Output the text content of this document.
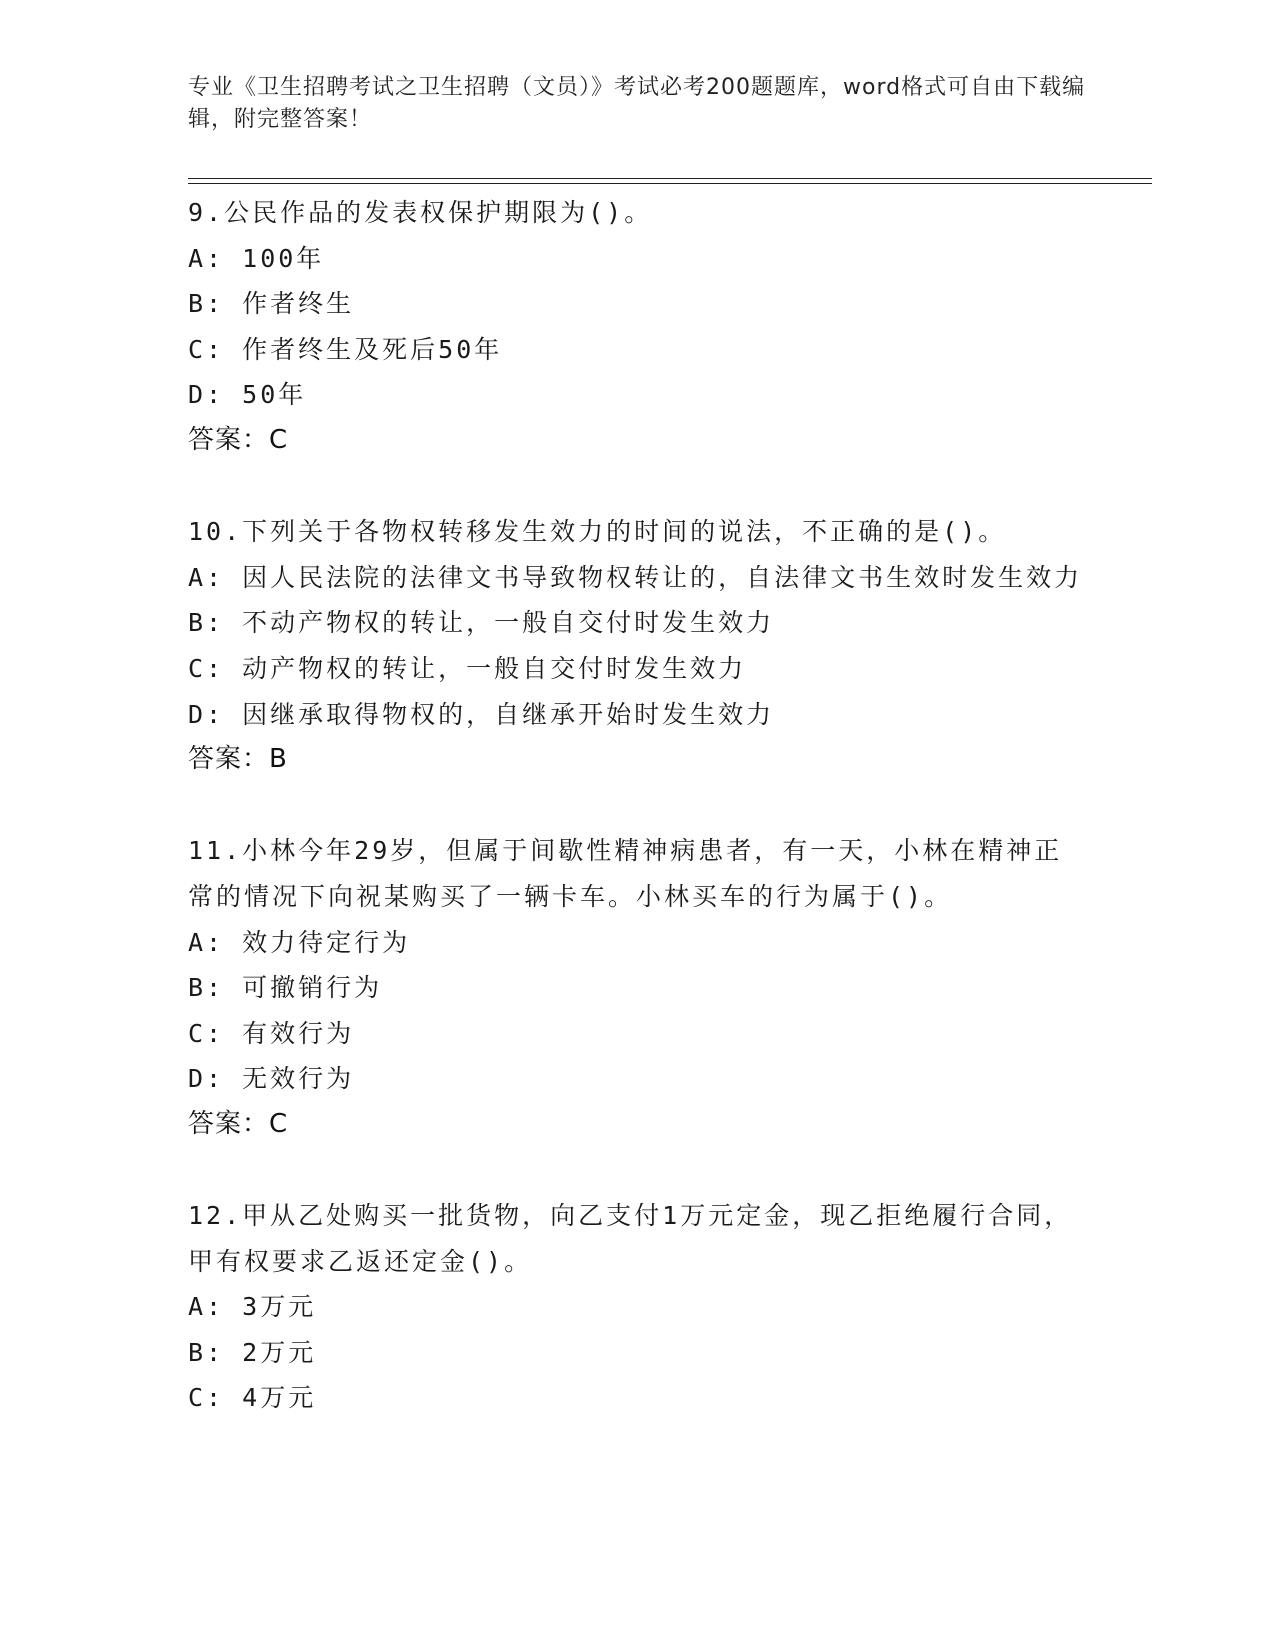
专业《卫生招聘考试之卫生招聘（文员）》考试必考200题题库，word格式可自由下载编辑，附完整答案！
9.公民作品的发表权保护期限为()。
A: 100年
B: 作者终生
C: 作者终生及死后50年
D: 50年
答案：C
10.下列关于各物权转移发生效力的时间的说法，不正确的是()。
A: 因人民法院的法律文书导致物权转让的，自法律文书生效时发生效力
B: 不动产物权的转让，一般自交付时发生效力
C: 动产物权的转让，一般自交付时发生效力
D: 因继承取得物权的，自继承开始时发生效力
答案：B
11.小林今年29岁，但属于间歇性精神病患者，有一天，小林在精神正常的情况下向祝某购买了一辆卡车。小林买车的行为属于()。
A: 效力待定行为
B: 可撤销行为
C: 有效行为
D: 无效行为
答案：C
12.甲从乙处购买一批货物，向乙支付1万元定金，现乙拒绝履行合同，甲有权要求乙返还定金()。
A: 3万元
B: 2万元
C: 4万元
